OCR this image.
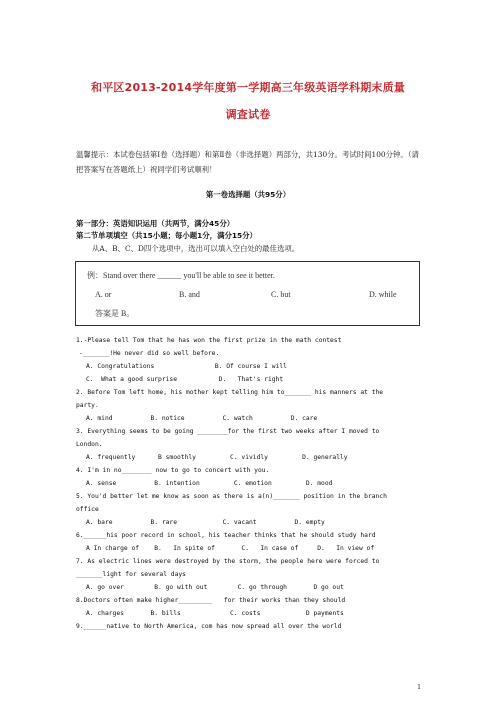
和平区2013-2014学年度第一学期高三年级英语学科期末质量
调查试卷
温馨提示：本试卷包括第Ⅰ卷（选择题）和第Ⅱ卷（非选择题）两部分，共130分。考试时间100分钟。（请把答案写在答题纸上）祝同学们考试顺利！
第一卷选择题（共95分）
第一部分：英语知识运用（共两节，满分45分）
第二节单项填空（共15小题；每小题1分，满分15分）
从A、B、C、D四个选项中，选出可以填入空白处的最佳选项。
例：Stand over there ______ you'll be able to see it better.
A. or	B. and	C. but	D. while
答案是 B。
1.-Please tell Tom that he has won the first prize in the math contest
-_______!He never did so well before.
A. Congratulations                B. Of course I will
C.  What a good surprise           D.   That's right
2. Before Tom left home, his mother kept telling him to_______ his manners at the
party.
A. mind          B. notice          C. watch          D. care
3. Everything seems to be going ________for the first two weeks after I moved to
London.
A. frequently      B smoothly         C. vividly         D. generally
4. I'm in no________ now to go to concert with you.
A. sense          B. intention         C. emotion         D. mood
5. You'd better let me know as soon as there is a(n)_______ position in the branch
office
A. bare          B. rare            C. vacant          D. empty
6.______his poor record in school, his teacher thinks that he should study hard
A In charge of    B.   In spite of       C.   In case of     D.   In view of
7. As electric lines were destroyed by the storm, the people here were forced to
_______light for several days
A. go over        B. go with out        C. go through       D go out
8.Doctors often make higher_________   for their works than they should
A. charges       B. bills             C. costs            D payments
9.______native to North America, com has now spread all over the world
1
